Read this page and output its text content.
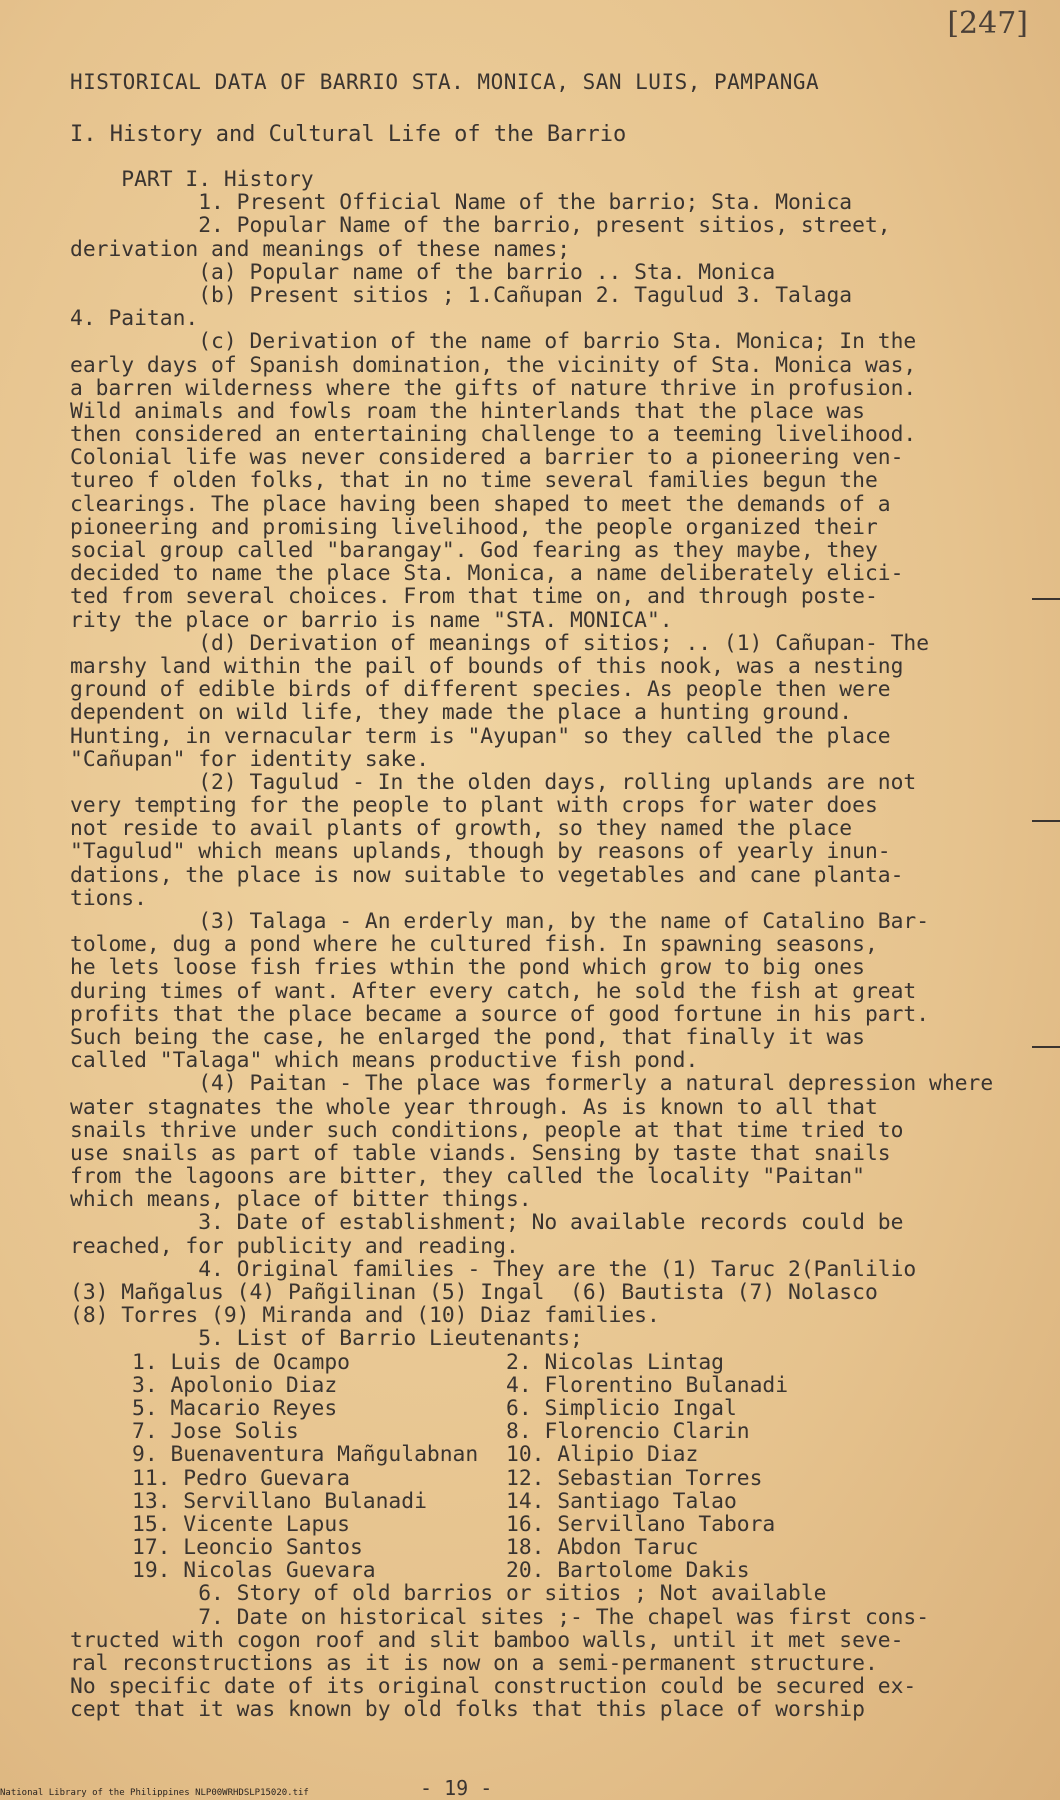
[247]
HISTORICAL DATA OF BARRIO STA. MONICA, SAN LUIS, PAMPANGA
I. History and Cultural Life of the Barrio
PART I. History
1. Present Official Name of the barrio; Sta. Monica
2. Popular Name of the barrio, present sitios, street,
derivation and meanings of these names;
(a) Popular name of the barrio .. Sta. Monica
(b) Present sitios ; 1.Cañupan 2. Tagulud 3. Talaga
4. Paitan.
(c) Derivation of the name of barrio Sta. Monica; In the
early days of Spanish domination, the vicinity of Sta. Monica was,
a barren wilderness where the gifts of nature thrive in profusion.
Wild animals and fowls roam the hinterlands that the place was
then considered an entertaining challenge to a teeming livelihood.
Colonial life was never considered a barrier to a pioneering ven-
tureo f olden folks, that in no time several families begun the
clearings. The place having been shaped to meet the demands of a
pioneering and promising livelihood, the people organized their
social group called "barangay". God fearing as they maybe, they
decided to name the place Sta. Monica, a name deliberately elici-
ted from several choices. From that time on, and through poste-
rity the place or barrio is name "STA. MONICA".
(d) Derivation of meanings of sitios; .. (1) Cañupan- The
marshy land within the pail of bounds of this nook, was a nesting
ground of edible birds of different species. As people then were
dependent on wild life, they made the place a hunting ground.
Hunting, in vernacular term is "Ayupan" so they called the place
"Cañupan" for identity sake.
(2) Tagulud - In the olden days, rolling uplands are not
very tempting for the people to plant with crops for water does
not reside to avail plants of growth, so they named the place
"Tagulud" which means uplands, though by reasons of yearly inun-
dations, the place is now suitable to vegetables and cane planta-
tions.
(3) Talaga - An erderly man, by the name of Catalino Bar-
tolome, dug a pond where he cultured fish. In spawning seasons,
he lets loose fish fries wthin the pond which grow to big ones
during times of want. After every catch, he sold the fish at great
profits that the place became a source of good fortune in his part.
Such being the case, he enlarged the pond, that finally it was
called "Talaga" which means productive fish pond.
(4) Paitan - The place was formerly a natural depression where
water stagnates the whole year through. As is known to all that
snails thrive under such conditions, people at that time tried to
use snails as part of table viands. Sensing by taste that snails
from the lagoons are bitter, they called the locality "Paitan"
which means, place of bitter things.
3. Date of establishment; No available records could be
reached, for publicity and reading.
4. Original families - They are the (1) Taruc 2(Panlilio
(3) Mañgalus (4) Pañgilinan (5) Ingal  (6) Bautista (7) Nolasco
(8) Torres (9) Miranda and (10) Diaz families.
5. List of Barrio Lieutenants;
1. Luis de Ocampo	2. Nicolas Lintag
3. Apolonio Diaz	4. Florentino Bulanadi
5. Macario Reyes	6. Simplicio Ingal
7. Jose Solis	8. Florencio Clarin
9. Buenaventura Mañgulabnan 10. Alipio Diaz
11. Pedro Guevara	12. Sebastian Torres
13. Servillano Bulanadi	14. Santiago Talao
15. Vicente Lapus	16. Servillano Tabora
17. Leoncio Santos	18. Abdon Taruc
19. Nicolas Guevara	20. Bartolome Dakis
6. Story of old barrios or sitios ; Not available
7. Date on historical sites ;- The chapel was first cons-
tructed with cogon roof and slit bamboo walls, until it met seve-
ral reconstructions as it is now on a semi-permanent structure.
No specific date of its original construction could be secured ex-
cept that it was known by old folks that this place of worship
- 19 -
National Library of the Philippines NLP00WRHDSLP15020.tif
